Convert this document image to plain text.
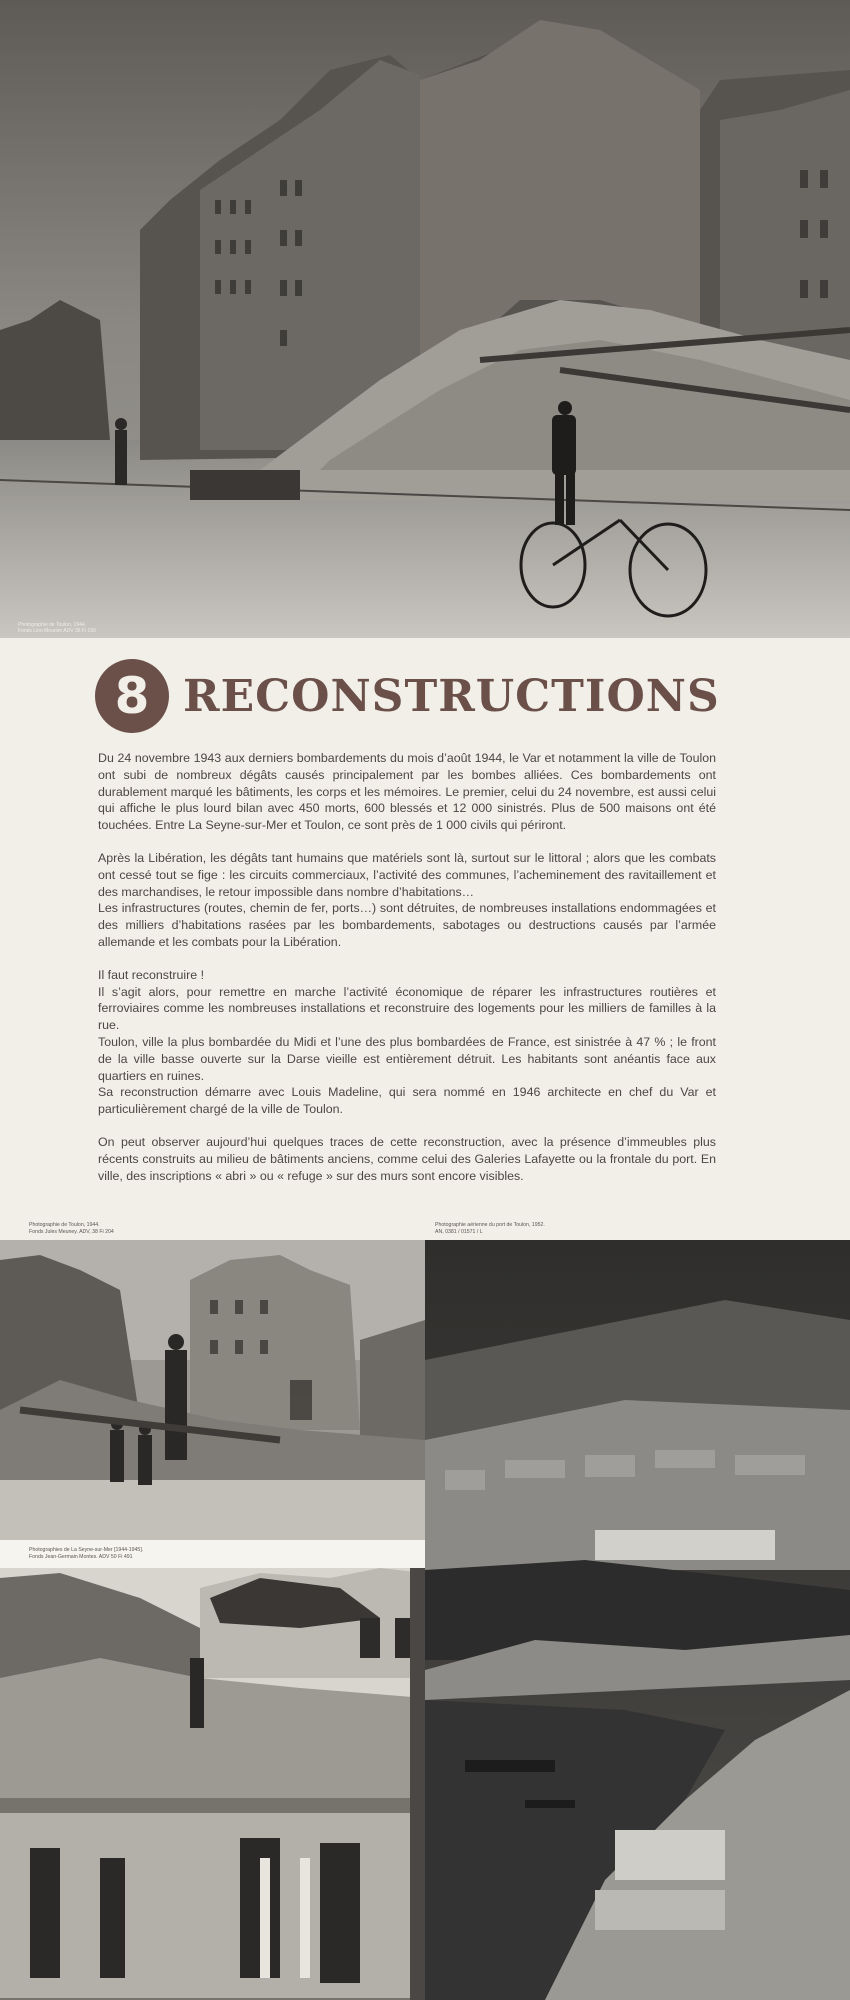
Photographie de Toulon, 1944.
Fonds Lino Meunier ADV 36 Fi 190
8 RECONSTRUCTIONS

Du 24 novembre 1943 aux derniers bombardements du mois d’août 1944, le Var et notamment la ville de Toulon ont subi de nombreux dégâts causés principalement par les bombes alliées. Ces bombardements ont durablement marqué les bâtiments, les corps et les mémoires. Le premier, celui du 24 novembre, est aussi celui qui affiche le plus lourd bilan avec 450 morts, 600 blessés et 12 000 sinistrés. Plus de 500 maisons ont été touchées. Entre La Seyne-sur-Mer et Toulon, ce sont près de 1 000 civils qui périront.

Après la Libération, les dégâts tant humains que matériels sont là, surtout sur le littoral ; alors que les combats ont cessé tout se fige : les circuits commerciaux, l’activité des communes, l’acheminement des ravitaillement et des marchandises, le retour impossible dans nombre d’habitations…
Les infrastructures (routes, chemin de fer, ports…) sont détruites, de nombreuses installations endommagées et des milliers d’habitations rasées par les bombardements, sabotages ou destructions causés par l’armée allemande et les combats pour la Libération.

Il faut reconstruire !
Il s’agit alors, pour remettre en marche l’activité économique de réparer les infrastructures routières et ferroviaires comme les nombreuses installations et reconstruire des logements pour les milliers de familles à la rue.
Toulon, ville la plus bombardée du Midi et l’une des plus bombardées de France, est sinistrée à 47 % ; le front de la ville basse ouverte sur la Darse vieille est entièrement détruit. Les habitants sont anéantis face aux quartiers en ruines.
Sa reconstruction démarre avec Louis Madeline, qui sera nommé en 1946 architecte en chef du Var et particulièrement chargé de la ville de Toulon.

On peut observer aujourd’hui quelques traces de cette reconstruction, avec la présence d’immeubles plus récents construits au milieu de bâtiments anciens, comme celui des Galeries Lafayette ou la frontale du port. En ville, des inscriptions « abri » ou « refuge » sur des murs sont encore visibles.

Photographie de Toulon, 1944.
Fonds Jules Meuney. ADV, 38 Fi 204
Photographie aérienne du port de Toulon, 1952.
AN, 0381 / 01571 / L
Photographies de La Seyne-sur-Mer [1944-1945].
Fonds Jean-Germain Montes. ADV 50 Fi 491
